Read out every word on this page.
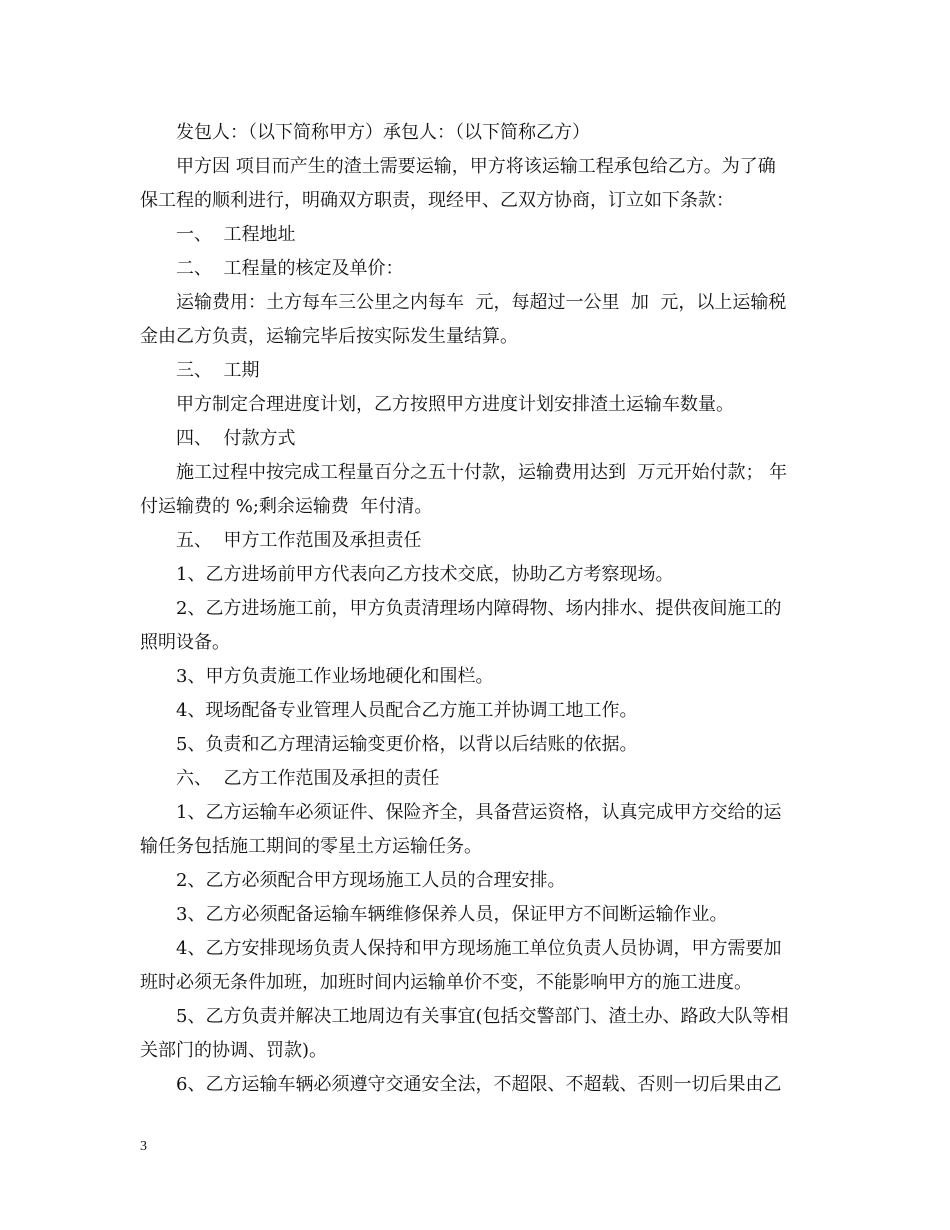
发包人：（以下简称甲方）承包人：（以下简称乙方）
甲方因 项目而产生的渣土需要运输，甲方将该运输工程承包给乙方。为了确
保工程的顺利进行，明确双方职责，现经甲、乙双方协商，订立如下条款：
一、  工程地址
二、  工程量的核定及单价：
运输费用：土方每车三公里之内每车  元，每超过一公里  加  元，以上运输税
金由乙方负责，运输完毕后按实际发生量结算。
三、  工期
甲方制定合理进度计划，乙方按照甲方进度计划安排渣土运输车数量。
四、  付款方式
施工过程中按完成工程量百分之五十付款，运输费用达到  万元开始付款； 年
付运输费的 %;剩余运输费  年付清。
五、  甲方工作范围及承担责任
1、乙方进场前甲方代表向乙方技术交底，协助乙方考察现场。
2、乙方进场施工前，甲方负责清理场内障碍物、场内排水、提供夜间施工的
照明设备。
3、甲方负责施工作业场地硬化和围栏。
4、现场配备专业管理人员配合乙方施工并协调工地工作。
5、负责和乙方理清运输变更价格，以背以后结账的依据。
六、  乙方工作范围及承担的责任
1、乙方运输车必须证件、保险齐全，具备营运资格，认真完成甲方交给的运
输任务包括施工期间的零星土方运输任务。
2、乙方必须配合甲方现场施工人员的合理安排。
3、乙方必须配备运输车辆维修保养人员，保证甲方不间断运输作业。
4、乙方安排现场负责人保持和甲方现场施工单位负责人员协调，甲方需要加
班时必须无条件加班，加班时间内运输单价不变，不能影响甲方的施工进度。
5、乙方负责并解决工地周边有关事宜(包括交警部门、渣土办、路政大队等相
关部门的协调、罚款)。
6、乙方运输车辆必须遵守交通安全法，不超限、不超载、否则一切后果由乙
3
